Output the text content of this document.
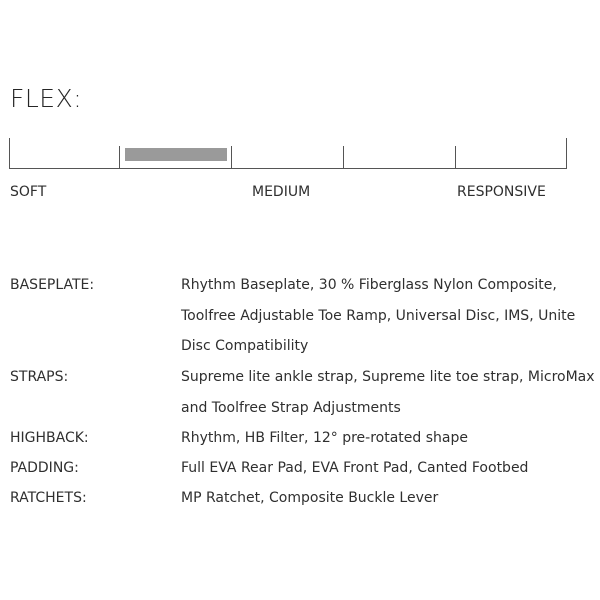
FLEX:
SOFT	MEDIUM	RESPONSIVE
BASEPLATE:	Rhythm Baseplate, 30 % Fiberglass Nylon Composite, Toolfree Adjustable Toe Ramp, Universal Disc, IMS, Unite Disc Compatibility
STRAPS:	Supreme lite ankle strap, Supreme lite toe strap, MicroMax and Toolfree Strap Adjustments
HIGHBACK:	Rhythm, HB Filter, 12° pre-rotated shape
PADDING:	Full EVA Rear Pad, EVA Front Pad, Canted Footbed
RATCHETS:	MP Ratchet, Composite Buckle Lever
